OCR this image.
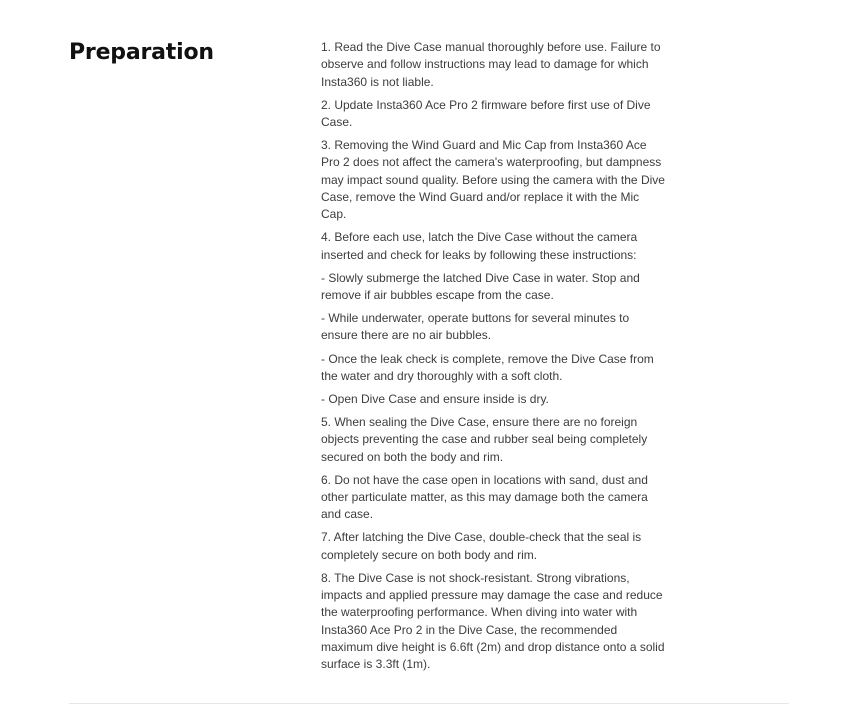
Preparation	1. Read the Dive Case manual thoroughly before use. Failure to observe and follow instructions may lead to damage for which Insta360 is not liable.

2. Update Insta360 Ace Pro 2 firmware before first use of Dive Case.

3. Removing the Wind Guard and Mic Cap from Insta360 Ace Pro 2 does not affect the camera's waterproofing, but dampness may impact sound quality. Before using the camera with the Dive Case, remove the Wind Guard and/or replace it with the Mic Cap.

4. Before each use, latch the Dive Case without the camera inserted and check for leaks by following these instructions:

- Slowly submerge the latched Dive Case in water. Stop and remove if air bubbles escape from the case.

- While underwater, operate buttons for several minutes to ensure there are no air bubbles.

- Once the leak check is complete, remove the Dive Case from the water and dry thoroughly with a soft cloth.

- Open Dive Case and ensure inside is dry.

5. When sealing the Dive Case, ensure there are no foreign objects preventing the case and rubber seal being completely secured on both the body and rim.

6. Do not have the case open in locations with sand, dust and other particulate matter, as this may damage both the camera and case.

7. After latching the Dive Case, double-check that the seal is completely secure on both body and rim.

8. The Dive Case is not shock-resistant. Strong vibrations, impacts and applied pressure may damage the case and reduce the waterproofing performance. When diving into water with Insta360 Ace Pro 2 in the Dive Case, the recommended maximum dive height is 6.6ft (2m) and drop distance onto a solid surface is 3.3ft (1m).
